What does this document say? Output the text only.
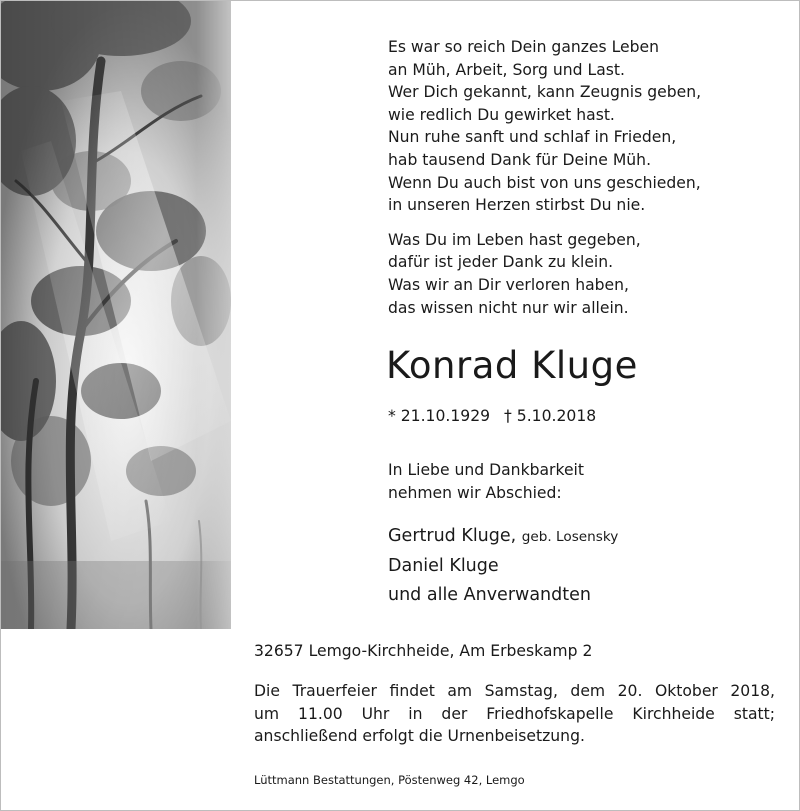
Es war so reich Dein ganzes Leben
an Müh, Arbeit, Sorg und Last.
Wer Dich gekannt, kann Zeugnis geben,
wie redlich Du gewirket hast.
Nun ruhe sanft und schlaf in Frieden,
hab tausend Dank für Deine Müh.
Wenn Du auch bist von uns geschieden,
in unseren Herzen stirbst Du nie.
Was Du im Leben hast gegeben,
dafür ist jeder Dank zu klein.
Was wir an Dir verloren haben,
das wissen nicht nur wir allein.
Konrad Kluge
* 21.10.1929 † 5.10.2018
In Liebe und Dankbarkeit
nehmen wir Abschied:
Gertrud Kluge, geb. Losensky
Daniel Kluge
und alle Anverwandten
32657 Lemgo-Kirchheide, Am Erbeskamp 2
Die Trauerfeier findet am Samstag, dem 20. Oktober 2018,
um 11.00 Uhr in der Friedhofskapelle Kirchheide statt;
anschließend erfolgt die Urnenbeisetzung.
Lüttmann Bestattungen, Pöstenweg 42, Lemgo
